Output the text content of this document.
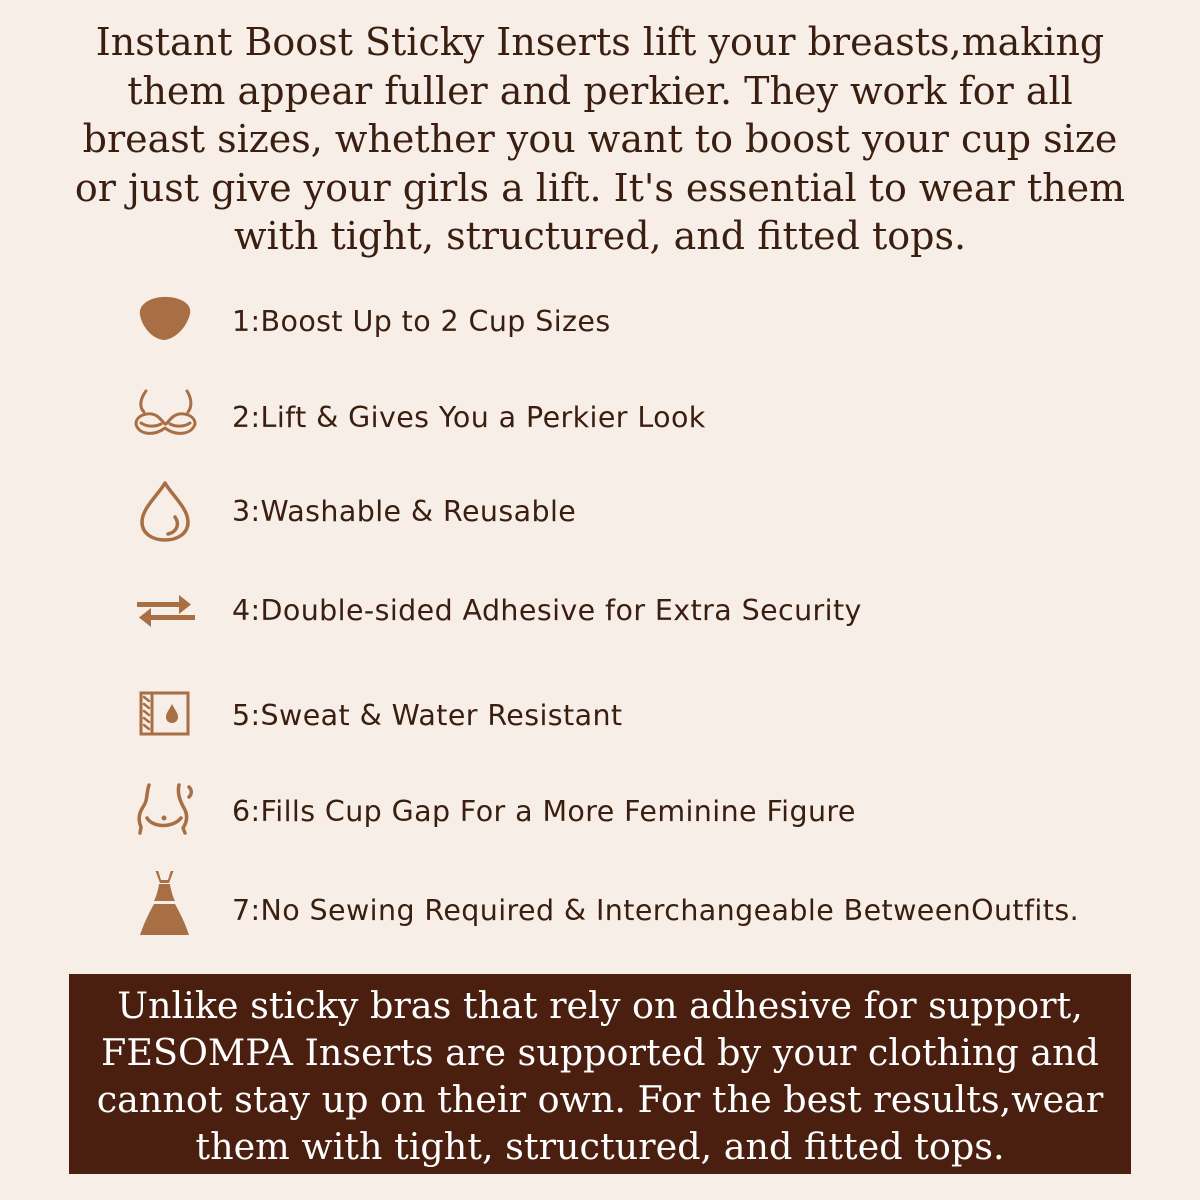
Instant Boost Sticky Inserts lift your breasts,making them appear fuller and perkier. They work for all breast sizes, whether you want to boost your cup size or just give your girls a lift. It's essential to wear them with tight, structured, and fitted tops.
1:Boost Up to 2 Cup Sizes
2:Lift & Gives You a Perkier Look
3:Washable & Reusable
4:Double-sided Adhesive for Extra Security
5:Sweat & Water Resistant
6:Fills Cup Gap For a More Feminine Figure
7:No Sewing Required & Interchangeable BetweenOutfits.
Unlike sticky bras that rely on adhesive for support, FESOMPA Inserts are supported by your clothing and cannot stay up on their own. For the best results,wear them with tight, structured, and fitted tops.
